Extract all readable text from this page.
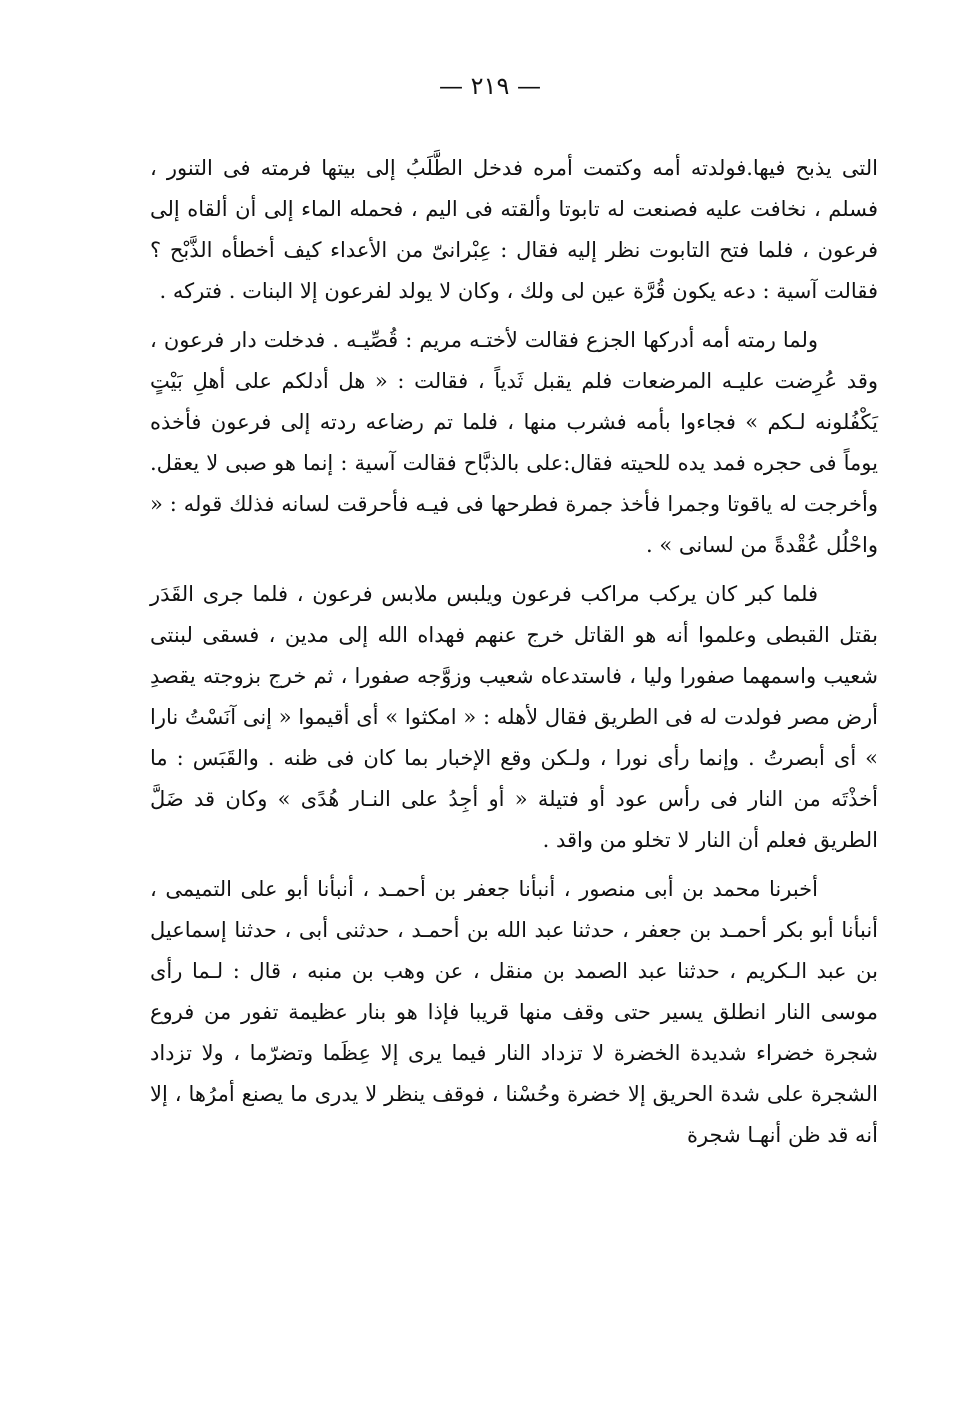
— ٢١٩ —

التى يذبح فيها.فولدته أمه وكتمت أمره فدخل الطَّلَبُ إلى بيتها فرمته فى التنور ، فسلم ، نخافت عليه فصنعت له تابوتا وألقته فى اليم ، فحمله الماء إلى أن ألقاه إلى فرعون ، فلما فتح التابوت نظر إليه فقال : عِبْرانىّ من الأعداء كيف أخطأه الذَّبْح ؟ فقالت آسية : دعه يكون قُرَّة عين لى ولك ، وكان لا يولد لفرعون إلا البنات . فتركه .

ولما رمته أمه أدركها الجزع فقالت لأختـه مريم : قُصِّيـه . فدخلت دار فرعون ، وقد عُرِضت عليـه المرضعات فلم يقبل ثَدياً ، فقالت : « هل أدلكم على أهلِ بَيْتٍ يَكْفُلونه لـكم » فجاءوا بأمه فشرب منها ، فلما تم رضاعه ردته إلى فرعون فأخذه يوماً فى حجره فمد يده للحيته فقال:على بالذبَّاح فقالت آسية : إنما هو صبى لا يعقل. وأخرجت له ياقوتا وجمرا فأخذ جمرة فطرحها فى فيـه فأحرقت لسانه فذلك قوله : « واحْلُل عُقْدةً من لسانى » .

فلما كبر كان يركب مراكب فرعون ويلبس ملابس فرعون ، فلما جرى القَدَر بقتل القبطى وعلموا أنه هو القاتل خرج عنهم فهداه الله إلى مدين ، فسقى لبنتى شعيب واسمهما صفورا وليا ، فاستدعاه شعيب وزوَّجه صفورا ، ثم خرج بزوجته يقصدِ أرض مصر فولدت له فى الطريق فقال لأهله : « امكثوا » أى أقيموا « إنى آنَسْتُ نارا » أى أبصرتُ . وإنما رأى نورا ، ولـكن وقع الإخبار بما كان فى ظنه . والقَبَس : ما أخذْتَه من النار فى رأس عود أو فتيلة « أو أجِدُ على النـار هُدًى » وكان قد ضَلَّ الطريق فعلم أن النار لا تخلو من واقد .

أخبرنا محمد بن أبى منصور ، أنبأنا جعفر بن أحمـد ، أنبأنا أبو على التميمى ، أنبأنا أبو بكر أحمـد بن جعفر ، حدثنا عبد الله بن أحمـد ، حدثنى أبى ، حدثنا إسماعيل بن عبد الـكريم ، حدثنا عبد الصمد بن منقل ، عن وهب بن منبه ، قال : لـما رأى موسى النار انطلق يسير حتى وقف منها قريبا فإذا هو بنار عظيمة تفور من فروع شجرة خضراء شديدة الخضرة لا تزداد النار فيما يرى إلا عِظَما وتضرّما ، ولا تزداد الشجرة على شدة الحريق إلا خضرة وحُسْنا ، فوقف ينظر لا يدرى ما يصنع أمرُها ، إلا أنه قد ظن أنهـا شجرة
